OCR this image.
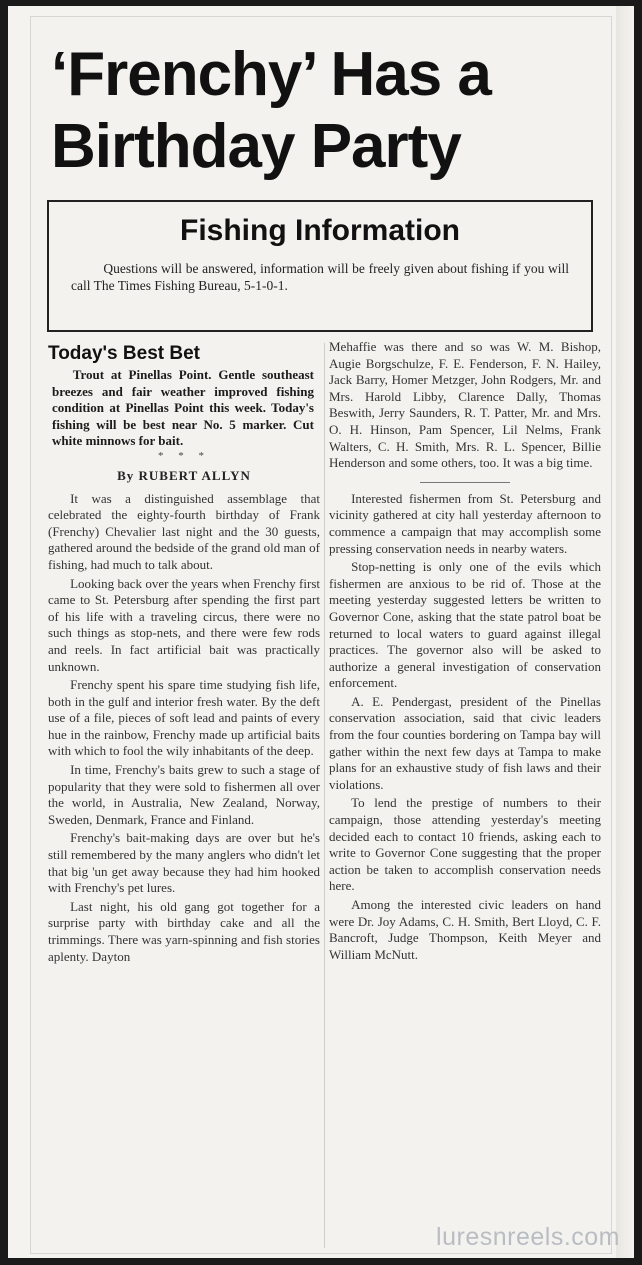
‘Frenchy’ Has a
Birthday Party
Fishing Information
Questions will be answered, information will be freely given about fishing if you will call The Times Fishing Bureau, 5-1-0-1.
Today's Best Bet
Trout at Pinellas Point. Gentle southeast breezes and fair weather improved fishing condition at Pinellas Point this week. Today's fishing will be best near No. 5 marker. Cut white minnows for bait.
* * *
By RUBERT ALLYN

It was a distinguished assemblage that celebrated the eighty-fourth birthday of Frank (Frenchy) Chevalier last night and the 30 guests, gathered around the bedside of the grand old man of fishing, had much to talk about.

Looking back over the years when Frenchy first came to St. Petersburg after spending the first part of his life with a traveling circus, there were no such things as stop-nets, and there were few rods and reels. In fact artificial bait was practically unknown.

Frenchy spent his spare time studying fish life, both in the gulf and interior fresh water. By the deft use of a file, pieces of soft lead and paints of every hue in the rainbow, Frenchy made up artificial baits with which to fool the wily inhabitants of the deep.

In time, Frenchy's baits grew to such a stage of popularity that they were sold to fishermen all over the world, in Australia, New Zealand, Norway, Sweden, Denmark, France and Finland.

Frenchy's bait-making days are over but he's still remembered by the many anglers who didn't let that big 'un get away because they had him hooked with Frenchy's pet lures.

Last night, his old gang got together for a surprise party with birthday cake and all the trimmings. There was yarn-spinning and fish stories aplenty. Dayton

Mehaffie was there and so was W. M. Bishop, Augie Borgschulze, F. E. Fenderson, F. N. Hailey, Jack Barry, Homer Metzger, John Rodgers, Mr. and Mrs. Harold Libby, Clarence Dally, Thomas Beswith, Jerry Saunders, R. T. Patter, Mr. and Mrs. O. H. Hinson, Pam Spencer, Lil Nelms, Frank Walters, C. H. Smith, Mrs. R. L. Spencer, Billie Henderson and some others, too. It was a big time.

Interested fishermen from St. Petersburg and vicinity gathered at city hall yesterday afternoon to commence a campaign that may accomplish some pressing conservation needs in nearby waters.

Stop-netting is only one of the evils which fishermen are anxious to be rid of. Those at the meeting yesterday suggested letters be written to Governor Cone, asking that the state patrol boat be returned to local waters to guard against illegal practices. The governor also will be asked to authorize a general investigation of conservation enforcement.

A. E. Pendergast, president of the Pinellas conservation association, said that civic leaders from the four counties bordering on Tampa bay will gather within the next few days at Tampa to make plans for an exhaustive study of fish laws and their violations.

To lend the prestige of numbers to their campaign, those attending yesterday's meeting decided each to contact 10 friends, asking each to write to Governor Cone suggesting that the proper action be taken to accomplish conservation needs here.

Among the interested civic leaders on hand were Dr. Joy Adams, C. H. Smith, Bert Lloyd, C. F. Bancroft, Judge Thompson, Keith Meyer and William McNutt.

luresnreels.com
